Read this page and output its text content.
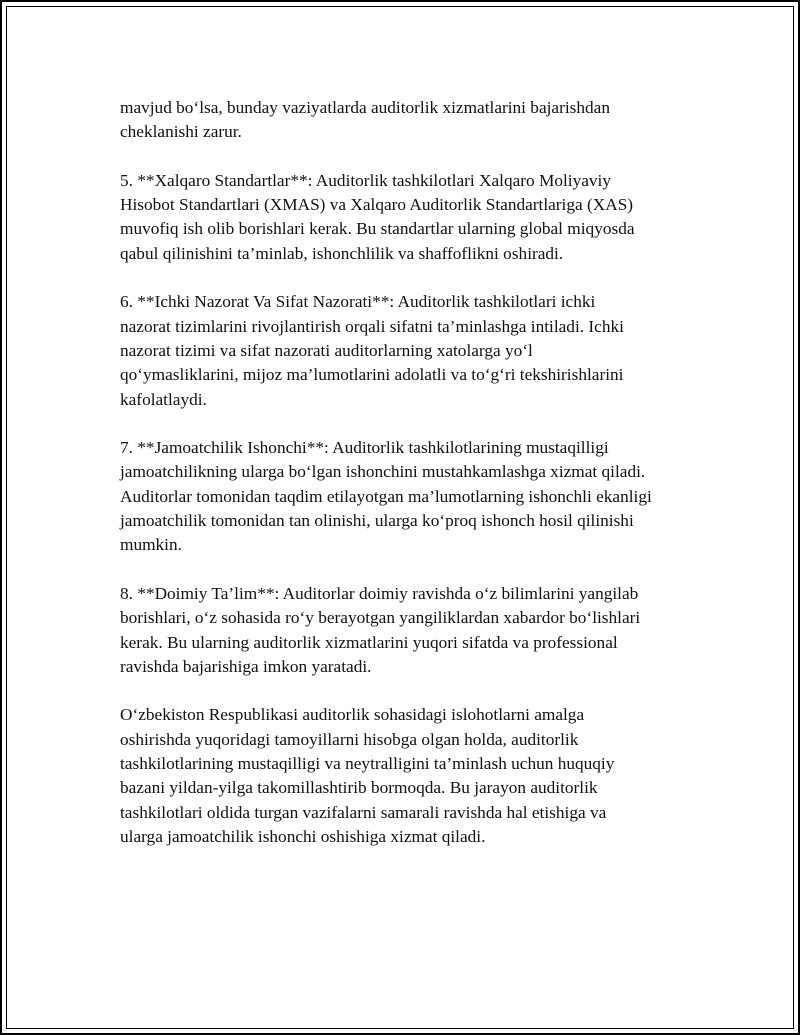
mavjud bo‘lsa, bunday vaziyatlarda auditorlik xizmatlarini bajarishdan
cheklanishi zarur.

5. **Xalqaro Standartlar**: Auditorlik tashkilotlari Xalqaro Moliyaviy
Hisobot Standartlari (XMAS) va Xalqaro Auditorlik Standartlariga (XAS)
muvofiq ish olib borishlari kerak. Bu standartlar ularning global miqyosda
qabul qilinishini ta’minlab, ishonchlilik va shaffoflikni oshiradi.

6. **Ichki Nazorat Va Sifat Nazorati**: Auditorlik tashkilotlari ichki
nazorat tizimlarini rivojlantirish orqali sifatni ta’minlashga intiladi. Ichki
nazorat tizimi va sifat nazorati auditorlarning xatolarga yo‘l
qo‘ymasliklarini, mijoz ma’lumotlarini adolatli va to‘g‘ri tekshirishlarini
kafolatlaydi.

7. **Jamoatchilik Ishonchi**: Auditorlik tashkilotlarining mustaqilligi
jamoatchilikning ularga bo‘lgan ishonchini mustahkamlashga xizmat qiladi.
Auditorlar tomonidan taqdim etilayotgan ma’lumotlarning ishonchli ekanligi
jamoatchilik tomonidan tan olinishi, ularga ko‘proq ishonch hosil qilinishi
mumkin.

8. **Doimiy Ta’lim**: Auditorlar doimiy ravishda o‘z bilimlarini yangilab
borishlari, o‘z sohasida ro‘y berayotgan yangiliklardan xabardor bo‘lishlari
kerak. Bu ularning auditorlik xizmatlarini yuqori sifatda va professional
ravishda bajarishiga imkon yaratadi.

O‘zbekiston Respublikasi auditorlik sohasidagi islohotlarni amalga
oshirishda yuqoridagi tamoyillarni hisobga olgan holda, auditorlik
tashkilotlarining mustaqilligi va neytralligini ta’minlash uchun huquqiy
bazani yildan-yilga takomillashtirib bormoqda. Bu jarayon auditorlik
tashkilotlari oldida turgan vazifalarni samarali ravishda hal etishiga va
ularga jamoatchilik ishonchi oshishiga xizmat qiladi.
